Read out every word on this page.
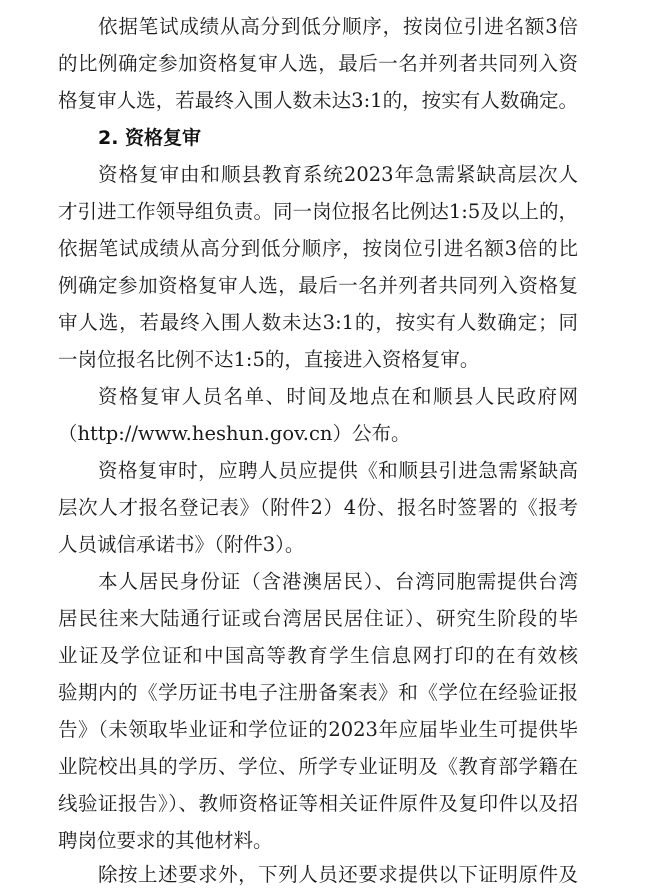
依据笔试成绩从高分到低分顺序，按岗位引进名额3倍
的比例确定参加资格复审人选，最后一名并列者共同列入资
格复审人选，若最终入围人数未达3:1的，按实有人数确定。
2. 资格复审
资格复审由和顺县教育系统2023年急需紧缺高层次人
才引进工作领导组负责。同一岗位报名比例达1:5及以上的，
依据笔试成绩从高分到低分顺序，按岗位引进名额3倍的比
例确定参加资格复审人选，最后一名并列者共同列入资格复
审人选，若最终入围人数未达3:1的，按实有人数确定；同
一岗位报名比例不达1:5的，直接进入资格复审。
资格复审人员名单、时间及地点在和顺县人民政府网
（http://www.heshun.gov.cn）公布。
资格复审时，应聘人员应提供《和顺县引进急需紧缺高
层次人才报名登记表》（附件2）4份、报名时签署的《报考
人员诚信承诺书》（附件3）。
本人居民身份证（含港澳居民）、台湾同胞需提供台湾
居民往来大陆通行证或台湾居民居住证）、研究生阶段的毕
业证及学位证和中国高等教育学生信息网打印的在有效核
验期内的《学历证书电子注册备案表》和《学位在经验证报
告》（未领取毕业证和学位证的2023年应届毕业生可提供毕
业院校出具的学历、学位、所学专业证明及《教育部学籍在
线验证报告》）、教师资格证等相关证件原件及复印件以及招
聘岗位要求的其他材料。
除按上述要求外，下列人员还要求提供以下证明原件及
